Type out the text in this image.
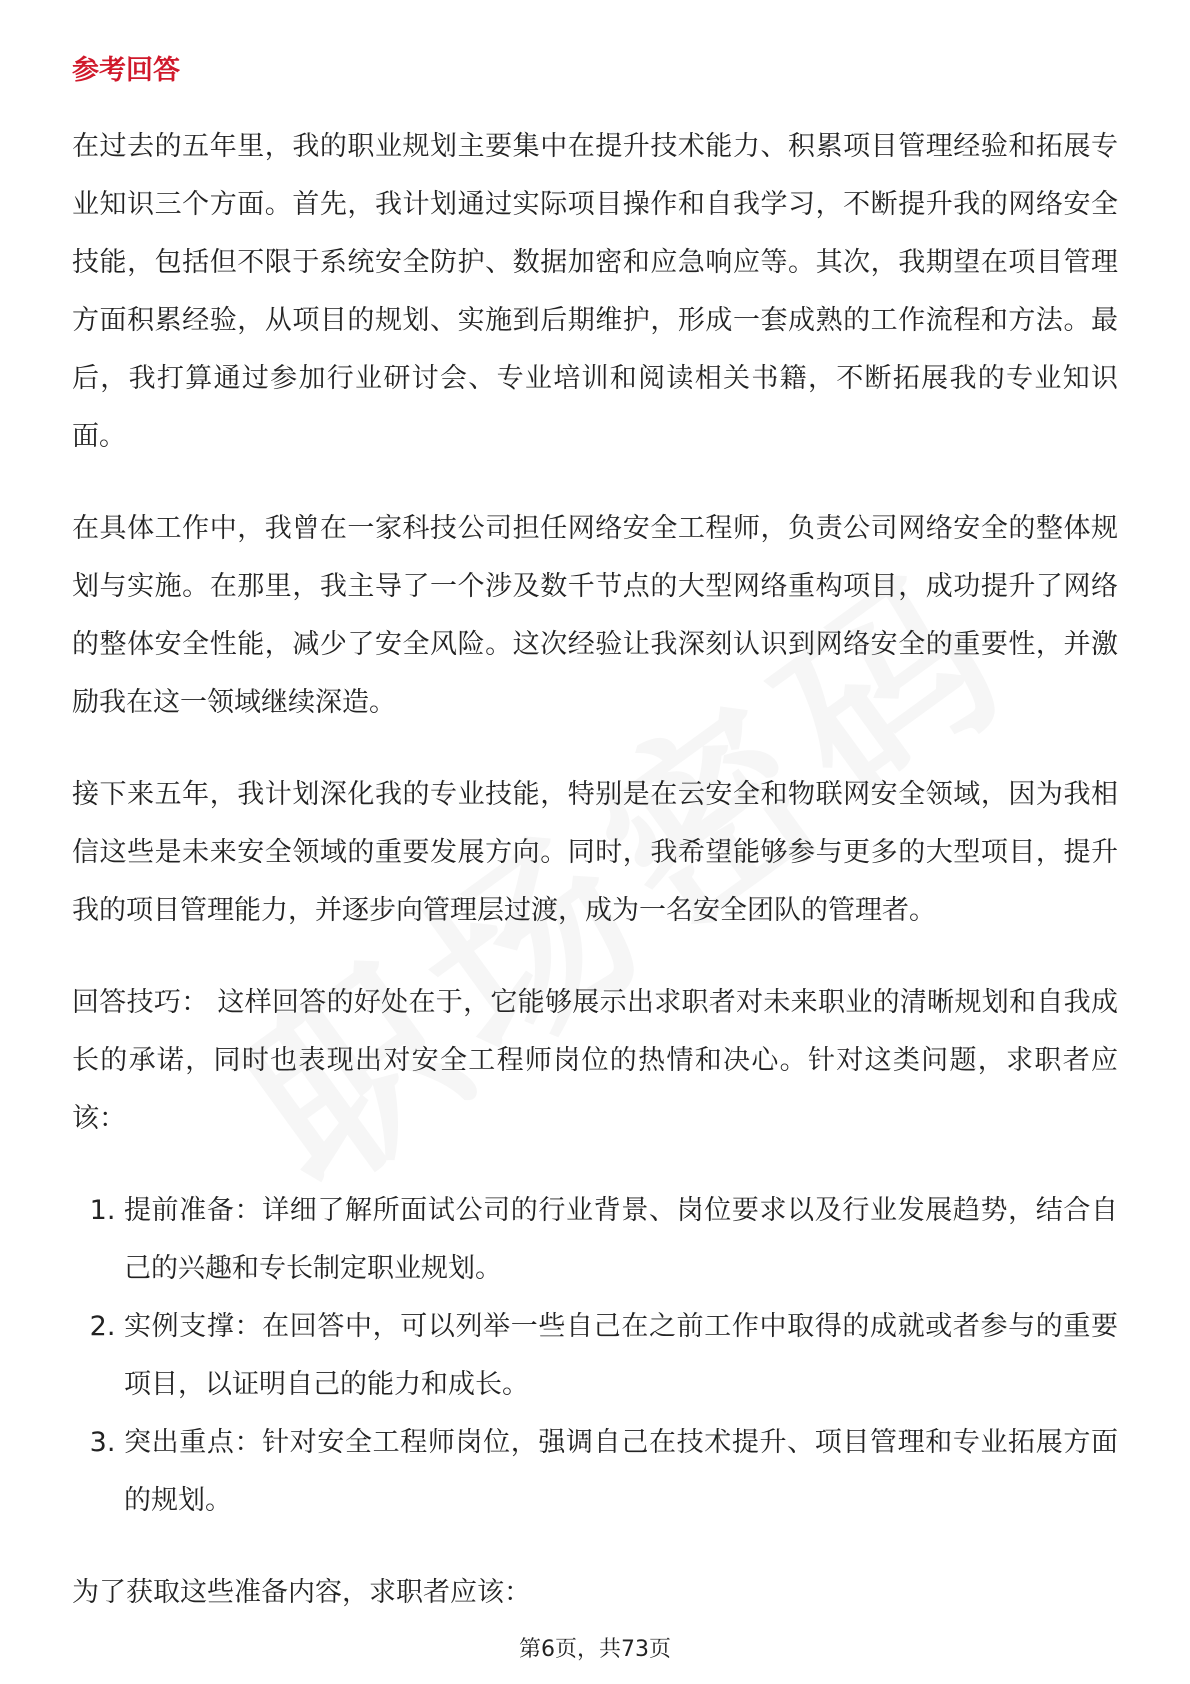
参考回答

在过去的五年里，我的职业规划主要集中在提升技术能力、积累项目管理经验和拓展专业知识三个方面。首先，我计划通过实际项目操作和自我学习，不断提升我的网络安全技能，包括但不限于系统安全防护、数据加密和应急响应等。其次，我期望在项目管理方面积累经验，从项目的规划、实施到后期维护，形成一套成熟的工作流程和方法。最后，我打算通过参加行业研讨会、专业培训和阅读相关书籍，不断拓展我的专业知识面。

在具体工作中，我曾在一家科技公司担任网络安全工程师，负责公司网络安全的整体规划与实施。在那里，我主导了一个涉及数千节点的大型网络重构项目，成功提升了网络的整体安全性能，减少了安全风险。这次经验让我深刻认识到网络安全的重要性，并激励我在这一领域继续深造。

接下来五年，我计划深化我的专业技能，特别是在云安全和物联网安全领域，因为我相信这些是未来安全领域的重要发展方向。同时，我希望能够参与更多的大型项目，提升我的项目管理能力，并逐步向管理层过渡，成为一名安全团队的管理者。

回答技巧： 这样回答的好处在于，它能够展示出求职者对未来职业的清晰规划和自我成长的承诺，同时也表现出对安全工程师岗位的热情和决心。针对这类问题，求职者应该：

1. 提前准备：详细了解所面试公司的行业背景、岗位要求以及行业发展趋势，结合自己的兴趣和专长制定职业规划。
2. 实例支撑：在回答中，可以列举一些自己在之前工作中取得的成就或者参与的重要项目，以证明自己的能力和成长。
3. 突出重点：针对安全工程师岗位，强调自己在技术提升、项目管理和专业拓展方面的规划。

为了获取这些准备内容，求职者应该：

第6页，共73页
